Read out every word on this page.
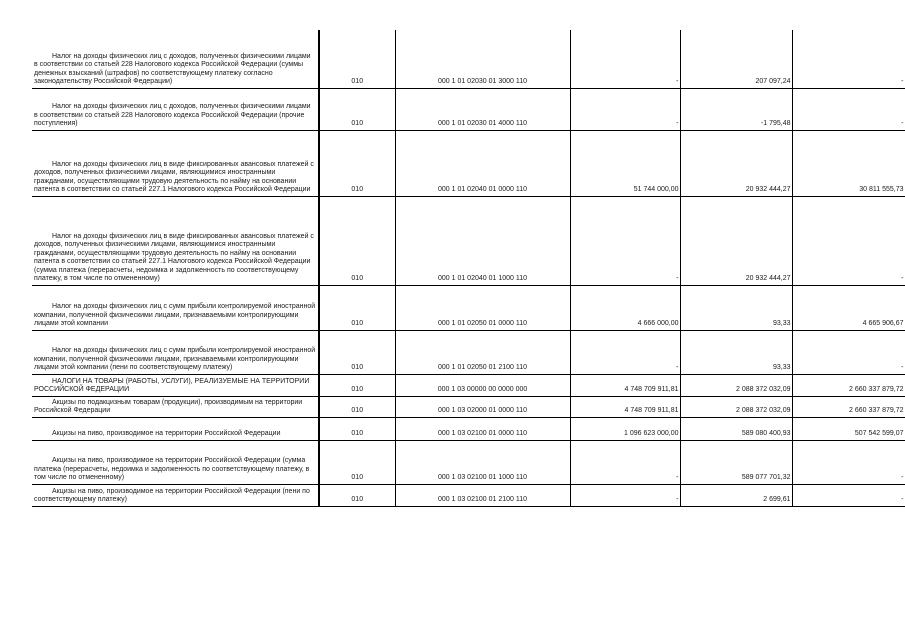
Налог на доходы физических лиц с доходов, полученных физическими лицами в соответствии со статьей 228 Налогового кодекса Российской Федерации (суммы денежных взысканий (штрафов) по соответствующему платежу согласно законодательству Российской Федерации)	010	000 1 01 02030 01 3000 110	-	207 097,24	-

Налог на доходы физических лиц с доходов, полученных физическими лицами в соответствии со статьей 228 Налогового кодекса Российской Федерации (прочие поступления)	010	000 1 01 02030 01 4000 110	-	-1 795,48	-

Налог на доходы физических лиц в виде фиксированных авансовых платежей с доходов, полученных физическими лицами, являющимися иностранными гражданами, осуществляющими трудовую деятельность по найму на основании патента в соответствии со статьей 227.1 Налогового кодекса Российской Федерации	010	000 1 01 02040 01 0000 110	51 744 000,00	20 932 444,27	30 811 555,73

Налог на доходы физических лиц в виде фиксированных авансовых платежей с доходов, полученных физическими лицами, являющимися иностранными гражданами, осуществляющими трудовую деятельность по найму на основании патента в соответствии со статьей 227.1 Налогового кодекса Российской Федерации (сумма платежа (перерасчеты, недоимка и задолженность по соответствующему платежу, в том числе по отмененному)	010	000 1 01 02040 01 1000 110	-	20 932 444,27	-

Налог на доходы физических лиц с сумм прибыли контролируемой иностранной компании, полученной физическими лицами, признаваемыми контролирующими лицами этой компании	010	000 1 01 02050 01 0000 110	4 666 000,00	93,33	4 665 906,67

Налог на доходы физических лиц с сумм прибыли контролируемой иностранной компании, полученной физическими лицами, признаваемыми контролирующими лицами этой компании (пени по соответствующему платежу)	010	000 1 01 02050 01 2100 110	-	93,33	-

НАЛОГИ НА ТОВАРЫ (РАБОТЫ, УСЛУГИ), РЕАЛИЗУЕМЫЕ НА ТЕРРИТОРИИ РОССИЙСКОЙ ФЕДЕРАЦИИ	010	000 1 03 00000 00 0000 000	4 748 709 911,81	2 088 372 032,09	2 660 337 879,72

Акцизы по подакцизным товарам (продукции), производимым на территории Российской Федерации	010	000 1 03 02000 01 0000 110	4 748 709 911,81	2 088 372 032,09	2 660 337 879,72

Акцизы на пиво, производимое на территории Российской Федерации	010	000 1 03 02100 01 0000 110	1 096 623 000,00	589 080 400,93	507 542 599,07

Акцизы на пиво, производимое на территории Российской Федерации (сумма платежа (перерасчеты, недоимка и задолженность по соответствующему платежу, в том числе по отмененному)	010	000 1 03 02100 01 1000 110	-	589 077 701,32	-

Акцизы на пиво, производимое на территории Российской Федерации (пени по соответствующему платежу)	010	000 1 03 02100 01 2100 110	-	2 699,61	-
